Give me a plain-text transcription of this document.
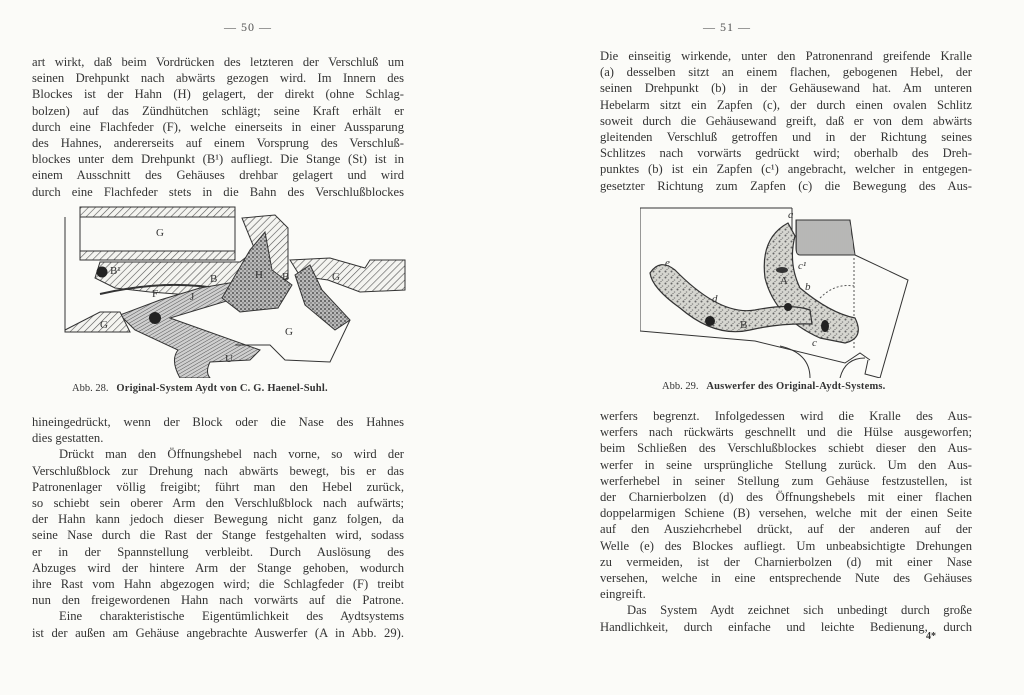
— 50 —
art wirkt, daß beim Vordrücken des letzteren der Verschluß um
seinen Drehpunkt nach abwärts gezogen wird. Im Innern des
Blockes ist der Hahn (H) gelagert, der direkt (ohne Schlag-
bolzen) auf das Zündhütchen schlägt; seine Kraft erhält er
durch eine Flachfeder (F), welche einerseits in einer Aussparung
des Hahnes, andererseits auf einem Vorsprung des Verschluß-
blockes unter dem Drehpunkt (B¹) aufliegt. Die Stange (St) ist in
einem Ausschnitt des Gehäuses drehbar gelagert und wird
durch eine Flachfeder stets in die Bahn des Verschlußblockes
G
B¹
B
F	J
H B	G
G
G
U
Abb. 28. Original-System Aydt von C. G. Haenel-Suhl.
hineingedrückt, wenn der Block oder die Nase des Hahnes
dies gestatten.
Drückt man den Öffnungshebel nach vorne, so wird der
Verschlußblock zur Drehung nach abwärts bewegt, bis er das
Patronenlager völlig freigibt; führt man den Hebel zurück,
so schiebt sein oberer Arm den Verschlußblock nach aufwärts;
der Hahn kann jedoch dieser Bewegung nicht ganz folgen, da
seine Nase durch die Rast der Stange festgehalten wird, sodass
er in der Spannstellung verbleibt. Durch Auslösung des
Abzuges wird der hintere Arm der Stange gehoben, wodurch
ihre Rast vom Hahn abgezogen wird; die Schlagfeder (F) treibt
nun den freigewordenen Hahn nach vorwärts auf die Patrone.
Eine charakteristische Eigentümlichkeit des Aydtsystems
ist der außen am Gehäuse angebrachte Auswerfer (A in Abb. 29).
— 51 —
Die einseitig wirkende, unter den Patronenrand greifende Kralle
(a) desselben sitzt an einem flachen, gebogenen Hebel, der
seinen Drehpunkt (b) in der Gehäusewand hat. Am unteren
Hebelarm sitzt ein Zapfen (c), der durch einen ovalen Schlitz
soweit durch die Gehäusewand greift, daß er von dem abwärts
gleitenden Verschluß getroffen und in der Richtung seines
Schlitzes nach vorwärts gedrückt wird; oberhalb des Dreh-
punktes (b) ist ein Zapfen (c¹) angebracht, welcher in entgegen-
gesetzter Richtung zum Zapfen (c) die Bewegung des Aus-
Abb. 29. Auswerfer des Original-Aydt-Systems.
werfers begrenzt. Infolgedessen wird die Kralle des Aus-
werfers nach rückwärts geschnellt und die Hülse ausgeworfen;
beim Schließen des Verschlußblockes schiebt dieser den Aus-
werfer in seine ursprüngliche Stellung zurück. Um den Aus-
werferhebel in seiner Stellung zum Gehäuse festzustellen, ist
der Charnierbolzen (d) des Öffnungshebels mit einer flachen
doppelarmigen Schiene (B) versehen, welche mit der einen Seite
auf den Ausziehcrhebel drückt, auf der anderen auf der
Welle (e) des Blockes aufliegt. Um unbeabsichtigte Drehungen
zu vermeiden, ist der Charnierbolzen (d) mit einer Nase
versehen, welche in eine entsprechende Nute des Gehäuses
eingreift.
Das System Aydt zeichnet sich unbedingt durch große
Handlichkeit, durch einfache und leichte Bedienung, durch
a
e	c¹
A b
d
B
c
4*
